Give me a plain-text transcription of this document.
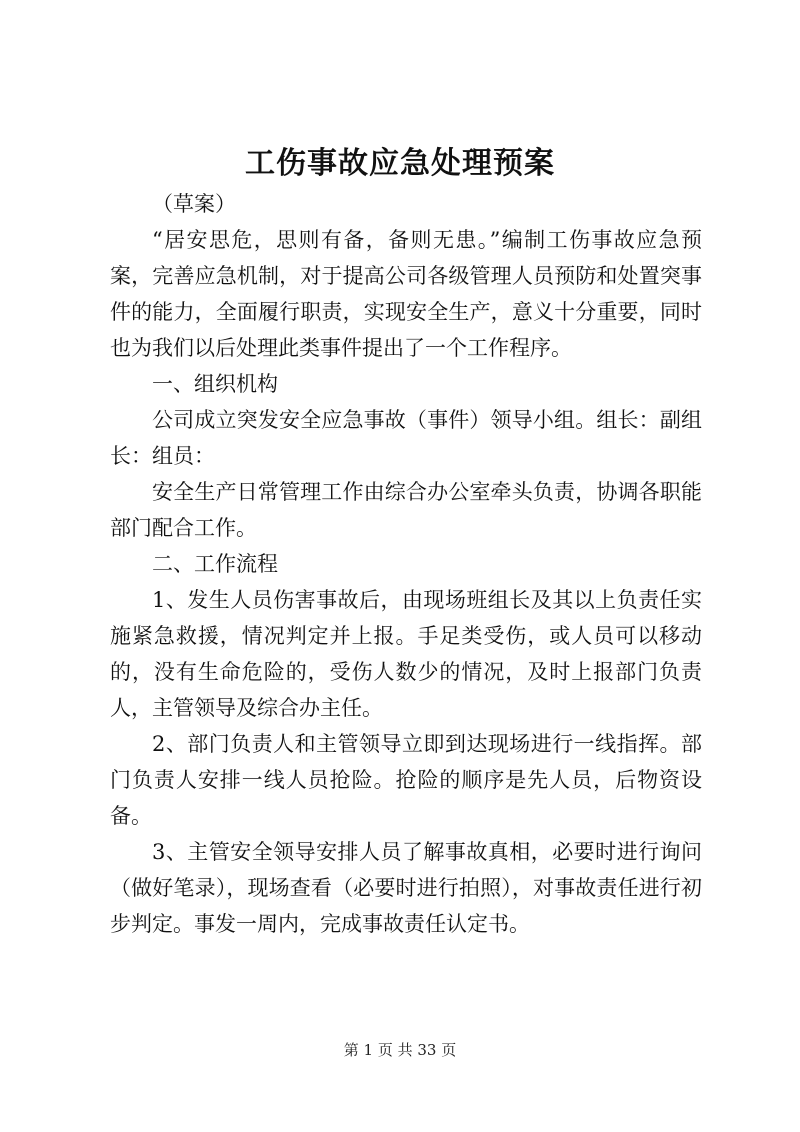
工伤事故应急处理预案

（草案）

“居安思危，思则有备，备则无患。”编制工伤事故应急预案，完善应急机制，对于提高公司各级管理人员预防和处置突事件的能力，全面履行职责，实现安全生产，意义十分重要，同时也为我们以后处理此类事件提出了一个工作程序。

一、组织机构

公司成立突发安全应急事故（事件）领导小组。组长：副组长：组员：

安全生产日常管理工作由综合办公室牵头负责，协调各职能部门配合工作。

二、工作流程

1、发生人员伤害事故后，由现场班组长及其以上负责任实施紧急救援，情况判定并上报。手足类受伤，或人员可以移动的，没有生命危险的，受伤人数少的情况，及时上报部门负责人，主管领导及综合办主任。

2、部门负责人和主管领导立即到达现场进行一线指挥。部门负责人安排一线人员抢险。抢险的顺序是先人员，后物资设备。

3、主管安全领导安排人员了解事故真相，必要时进行询问（做好笔录），现场查看（必要时进行拍照），对事故责任进行初步判定。事发一周内，完成事故责任认定书。

第 1 页 共 33 页
